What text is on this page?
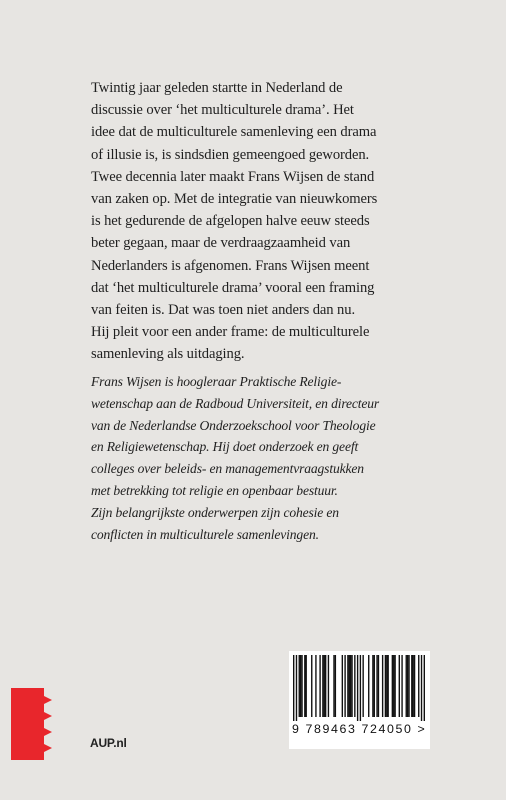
Twintig jaar geleden startte in Nederland de
discussie over ‘het multiculturele drama’. Het
idee dat de multiculturele samenleving een drama
of illusie is, is sindsdien gemeengoed geworden.
Twee decennia later maakt Frans Wijsen de stand
van zaken op. Met de integratie van nieuwkomers
is het gedurende de afgelopen halve eeuw steeds
beter gegaan, maar de verdraagzaamheid van
Nederlanders is afgenomen. Frans Wijsen meent
dat ‘het multiculturele drama’ vooral een framing
van feiten is. Dat was toen niet anders dan nu.
Hij pleit voor een ander frame: de multiculturele
samenleving als uitdaging.
Frans Wijsen is hoogleraar Praktische Religie-
wetenschap aan de Radboud Universiteit, en directeur
van de Nederlandse Onderzoekschool voor Theologie
en Religiewetenschap. Hij doet onderzoek en geeft
colleges over beleids- en managementvraagstukken
met betrekking tot religie en openbaar bestuur.
Zijn belangrijkste onderwerpen zijn cohesie en
conflicten in multiculturele samenlevingen.
AUP.nl
9 789463 724050 >
